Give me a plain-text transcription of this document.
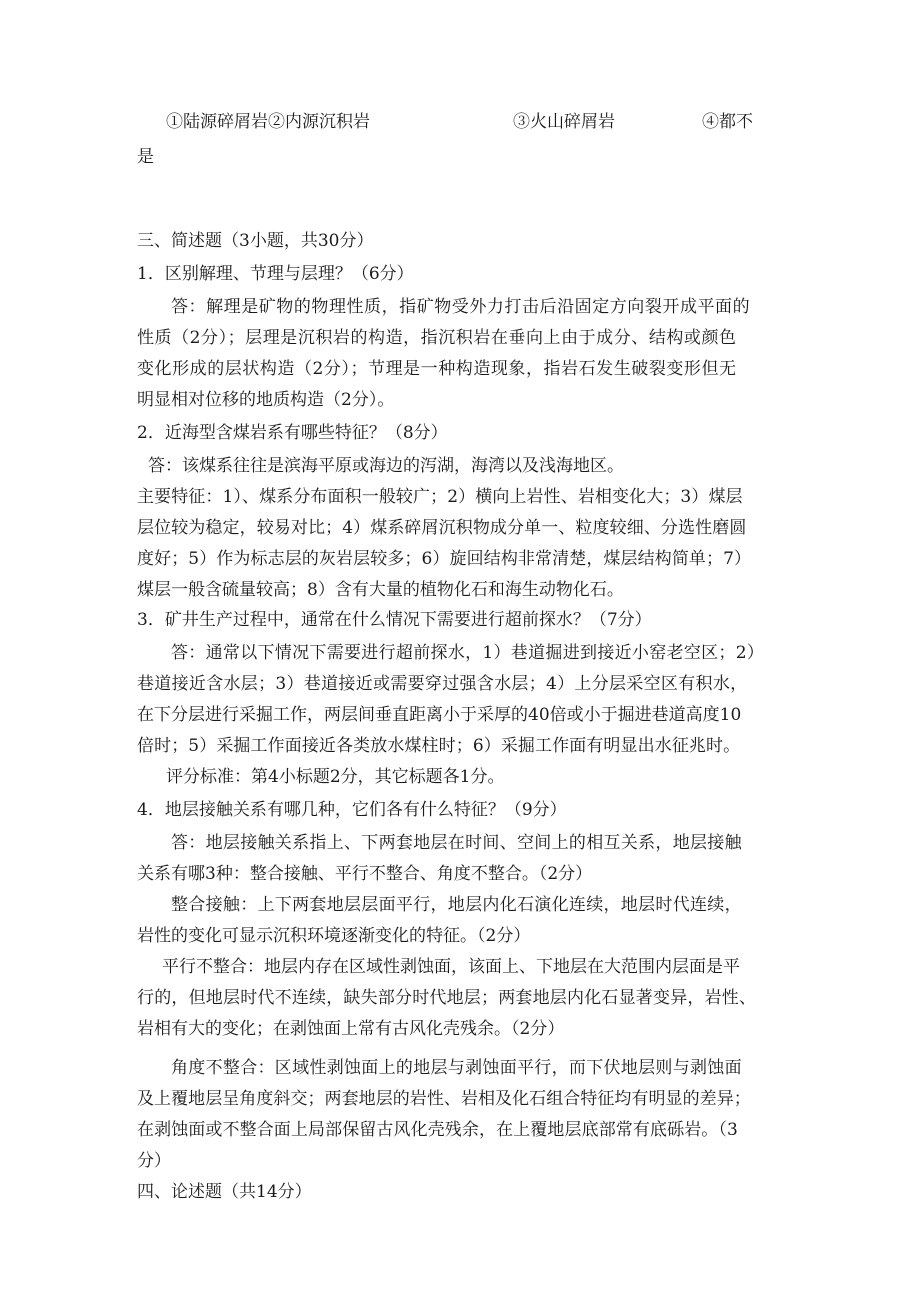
①陆源碎屑岩②内源沉积岩	③火山碎屑岩	④都不
是
三、简述题（3小题，共30分）
1．区别解理、节理与层理？（6分）
答：解理是矿物的物理性质，指矿物受外力打击后沿固定方向裂开成平面的
性质（2分）；层理是沉积岩的构造，指沉积岩在垂向上由于成分、结构或颜色
变化形成的层状构造（2分）；节理是一种构造现象，指岩石发生破裂变形但无
明显相对位移的地质构造（2分）。
2．近海型含煤岩系有哪些特征？（8分）
答：该煤系往往是滨海平原或海边的泻湖，海湾以及浅海地区。
主要特征：1）、煤系分布面积一般较广；2）横向上岩性、岩相变化大；3）煤层
层位较为稳定，较易对比；4）煤系碎屑沉积物成分单一、粒度较细、分选性磨圆
度好；5）作为标志层的灰岩层较多；6）旋回结构非常清楚，煤层结构简单；7）
煤层一般含硫量较高；8）含有大量的植物化石和海生动物化石。
3．矿井生产过程中，通常在什么情况下需要进行超前探水？（7分）
答：通常以下情况下需要进行超前探水，1）巷道掘进到接近小窑老空区；2）
巷道接近含水层；3）巷道接近或需要穿过强含水层；4）上分层采空区有积水，
在下分层进行采掘工作，两层间垂直距离小于采厚的40倍或小于掘进巷道高度10
倍时；5）采掘工作面接近各类放水煤柱时；6）采掘工作面有明显出水征兆时。
评分标准：第4小标题2分，其它标题各1分。
4．地层接触关系有哪几种，它们各有什么特征？（9分）
答：地层接触关系指上、下两套地层在时间、空间上的相互关系，地层接触
关系有哪3种：整合接触、平行不整合、角度不整合。（2分）
整合接触：上下两套地层层面平行，地层内化石演化连续，地层时代连续，
岩性的变化可显示沉积环境逐渐变化的特征。（2分）
平行不整合：地层内存在区域性剥蚀面，该面上、下地层在大范围内层面是平
行的，但地层时代不连续，缺失部分时代地层；两套地层内化石显著变异，岩性、
岩相有大的变化；在剥蚀面上常有古风化壳残余。（2分）
角度不整合：区域性剥蚀面上的地层与剥蚀面平行，而下伏地层则与剥蚀面
及上覆地层呈角度斜交；两套地层的岩性、岩相及化石组合特征均有明显的差异；
在剥蚀面或不整合面上局部保留古风化壳残余，在上覆地层底部常有底砾岩。（3
分）
四、论述题（共14分）
